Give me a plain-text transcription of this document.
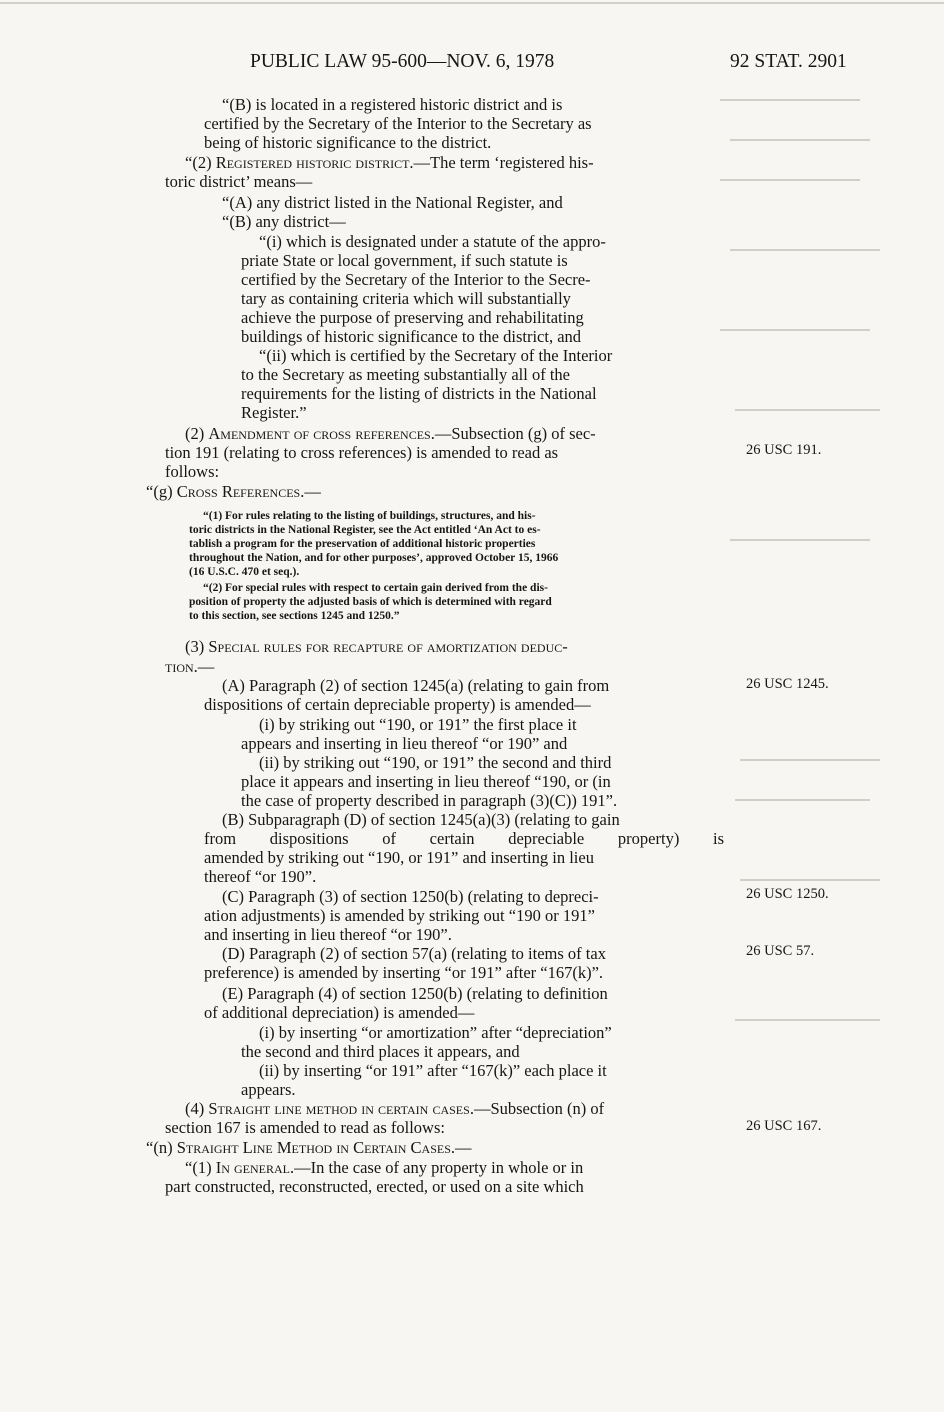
PUBLIC LAW 95-600—NOV. 6, 1978	92 STAT. 2901
“(B) is located in a registered historic district and is
certified by the Secretary of the Interior to the Secretary as
being of historic significance to the district.
“(2) Registered historic district.—The term ‘registered his-
toric district’ means—
“(A) any district listed in the National Register, and
“(B) any district—
“(i) which is designated under a statute of the appro-
priate State or local government, if such statute is
certified by the Secretary of the Interior to the Secre-
tary as containing criteria which will substantially
achieve the purpose of preserving and rehabilitating
buildings of historic significance to the district, and
“(ii) which is certified by the Secretary of the Interior
to the Secretary as meeting substantially all of the
requirements for the listing of districts in the National
Register.”
(2) Amendment of cross references.—Subsection (g) of sec-
tion 191 (relating to cross references) is amended to read as
follows:
“(g) Cross References.—
“(1) For rules relating to the listing of buildings, structures, and his-
toric districts in the National Register, see the Act entitled ‘An Act to es-
tablish a program for the preservation of additional historic properties
throughout the Nation, and for other purposes’, approved October 15, 1966
(16 U.S.C. 470 et seq.).
“(2) For special rules with respect to certain gain derived from the dis-
position of property the adjusted basis of which is determined with regard
to this section, see sections 1245 and 1250.”
(3) Special rules for recapture of amortization deduc-
tion.—
(A) Paragraph (2) of section 1245(a) (relating to gain from
dispositions of certain depreciable property) is amended—
(i) by striking out “190, or 191” the first place it
appears and inserting in lieu thereof “or 190” and
(ii) by striking out “190, or 191” the second and third
place it appears and inserting in lieu thereof “190, or (in
the case of property described in paragraph (3)(C)) 191”.
(B) Subparagraph (D) of section 1245(a)(3) (relating to gain
from dispositions of certain depreciable property) is
amended by striking out “190, or 191” and inserting in lieu
thereof “or 190”.
(C) Paragraph (3) of section 1250(b) (relating to depreci-
ation adjustments) is amended by striking out “190 or 191”
and inserting in lieu thereof “or 190”.
(D) Paragraph (2) of section 57(a) (relating to items of tax
preference) is amended by inserting “or 191” after “167(k)”.
(E) Paragraph (4) of section 1250(b) (relating to definition
of additional depreciation) is amended—
(i) by inserting “or amortization” after “depreciation”
the second and third places it appears, and
(ii) by inserting “or 191” after “167(k)” each place it
appears.
(4) Straight line method in certain cases.—Subsection (n) of
section 167 is amended to read as follows:
“(n) Straight Line Method in Certain Cases.—
“(1) In general.—In the case of any property in whole or in
part constructed, reconstructed, erected, or used on a site which
26 USC 191.
26 USC 1245.
26 USC 1250.
26 USC 57.
26 USC 167.
